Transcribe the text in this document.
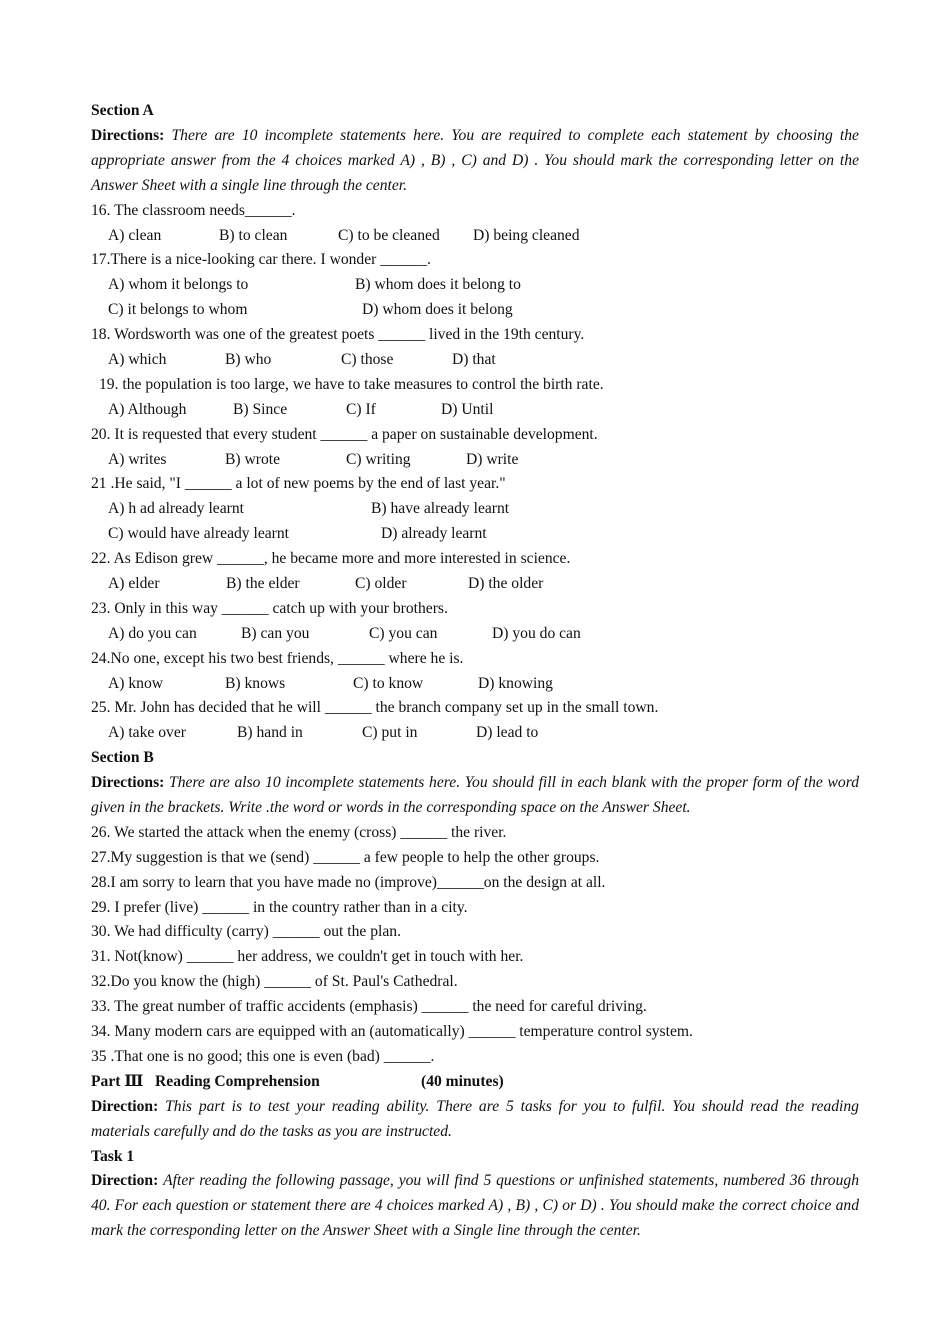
Section A
Directions: There are 10 incomplete statements here. You are required to complete each statement by choosing the appropriate answer from the 4 choices marked A) , B) , C) and D) . You should mark the corresponding letter on the Answer Sheet with a single line through the center.
16. The classroom needs______.
A) clean	B) to clean	C) to be cleaned D) being cleaned
17.There is a nice-looking car there. I wonder ______.
A) whom it belongs to	B) whom does it belong to
C) it belongs to whom	D) whom does it belong
18. Wordsworth was one of the greatest poets ______ lived in the 19th century.
A) which	B) who	C) those	D) that
19. the population is too large, we have to take measures to control the birth rate.
A) Although	B) Since	C) If	D) Until
20. It is requested that every student ______ a paper on sustainable development.
A) writes	B) wrote	C) writing	D) write
21 .He said, "I ______ a lot of new poems by the end of last year."
A) h ad already learnt	B) have already learnt
C) would have already learnt	D) already learnt
22. As Edison grew ______, he became more and more interested in science.
A) elder	B) the elder	C) older	D) the older
23. Only in this way ______ catch up with your brothers.
A) do you can	B) can you	C) you can	D) you do can
24.No one, except his two best friends, ______ where he is.
A) know	B) knows	C) to know	D) knowing
25. Mr. John has decided that he will ______ the branch company set up in the small town.
A) take over	B) hand in	C) put in	D) lead to
Section B
Directions: There are also 10 incomplete statements here. You should fill in each blank with the proper form of the word given in the brackets. Write .the word or words in the corresponding space on the Answer Sheet.
26. We started the attack when the enemy (cross) ______ the river.
27.My suggestion is that we (send) ______ a few people to help the other groups.
28.I am sorry to learn that you have made no (improve)______on the design at all.
29. I prefer (live) ______ in the country rather than in a city.
30. We had difficulty (carry) ______ out the plan.
31. Not(know) ______ her address, we couldn't get in touch with her.
32.Do you know the (high) ______ of St. Paul's Cathedral.
33. The great number of traffic accidents (emphasis) ______ the need for careful driving.
34. Many modern cars are equipped with an (automatically) ______ temperature control system.
35 .That one is no good; this one is even (bad) ______.
Part Ⅲ   Reading Comprehension	(40 minutes)
Direction: This part is to test your reading ability. There are 5 tasks for you to fulfil. You should read the reading materials carefully and do the tasks as you are instructed.
Task 1
Direction: After reading the following passage, you will find 5 questions or unfinished statements, numbered 36 through 40. For each question or statement there are 4 choices marked A) , B) , C) or D) . You should make the correct choice and mark the corresponding letter on the Answer Sheet with a Single line through the center.
